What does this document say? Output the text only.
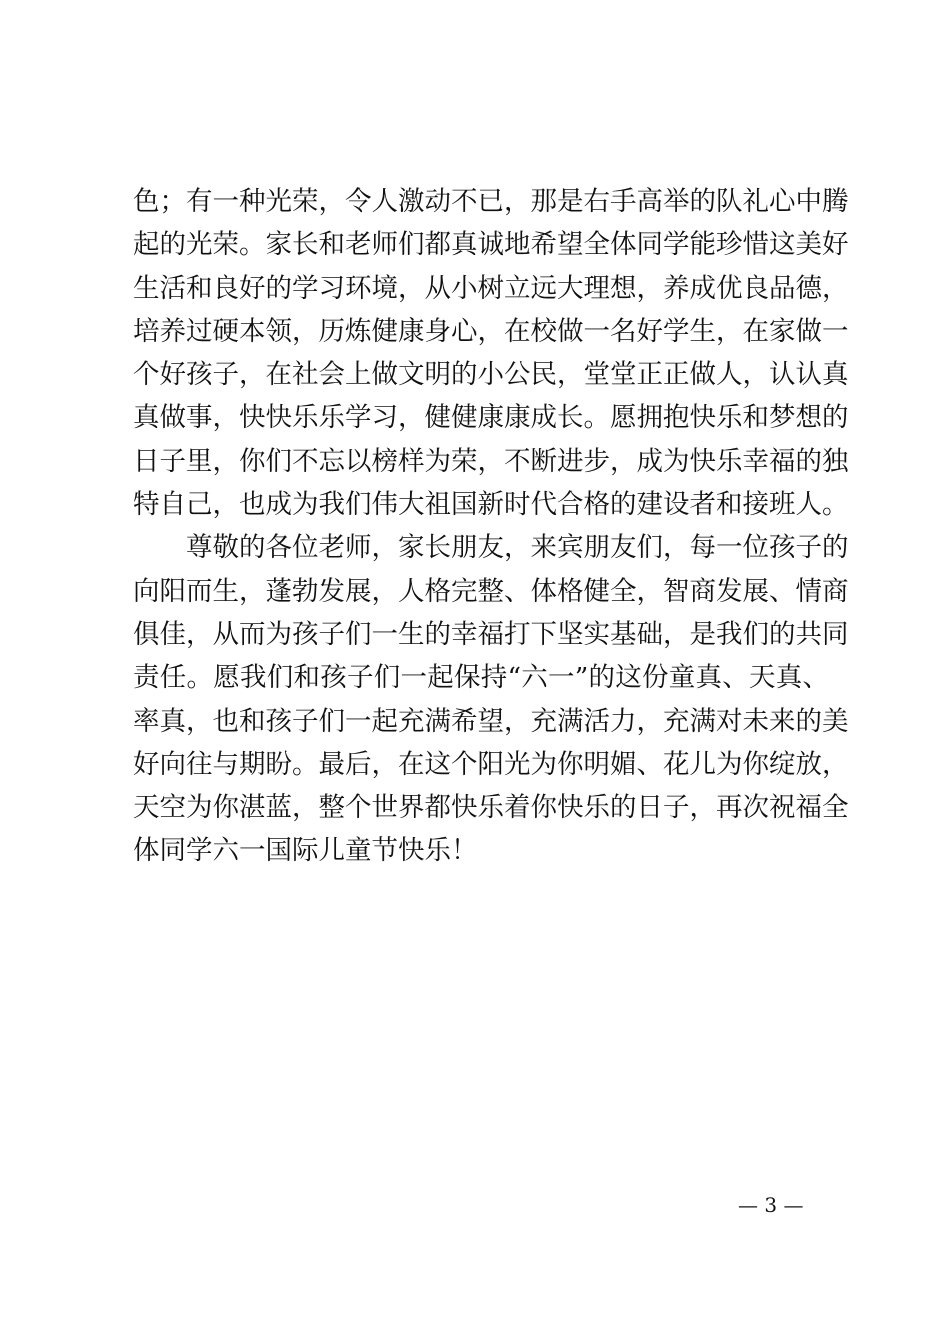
色；有一种光荣，令人激动不已，那是右手高举的队礼心中腾
起的光荣。家长和老师们都真诚地希望全体同学能珍惜这美好
生活和良好的学习环境，从小树立远大理想，养成优良品德，
培养过硬本领，历炼健康身心，在校做一名好学生，在家做一
个好孩子，在社会上做文明的小公民，堂堂正正做人，认认真
真做事，快快乐乐学习，健健康康成长。愿拥抱快乐和梦想的
日子里，你们不忘以榜样为荣，不断进步，成为快乐幸福的独
特自己，也成为我们伟大祖国新时代合格的建设者和接班人。
　　尊敬的各位老师，家长朋友，来宾朋友们，每一位孩子的
向阳而生，蓬勃发展，人格完整、体格健全，智商发展、情商
俱佳，从而为孩子们一生的幸福打下坚实基础，是我们的共同
责任。愿我们和孩子们一起保持“六一”的这份童真、天真、
率真，也和孩子们一起充满希望，充满活力，充满对未来的美
好向往与期盼。最后，在这个阳光为你明媚、花儿为你绽放，
天空为你湛蓝，整个世界都快乐着你快乐的日子，再次祝福全
体同学六一国际儿童节快乐！
— 3 —
